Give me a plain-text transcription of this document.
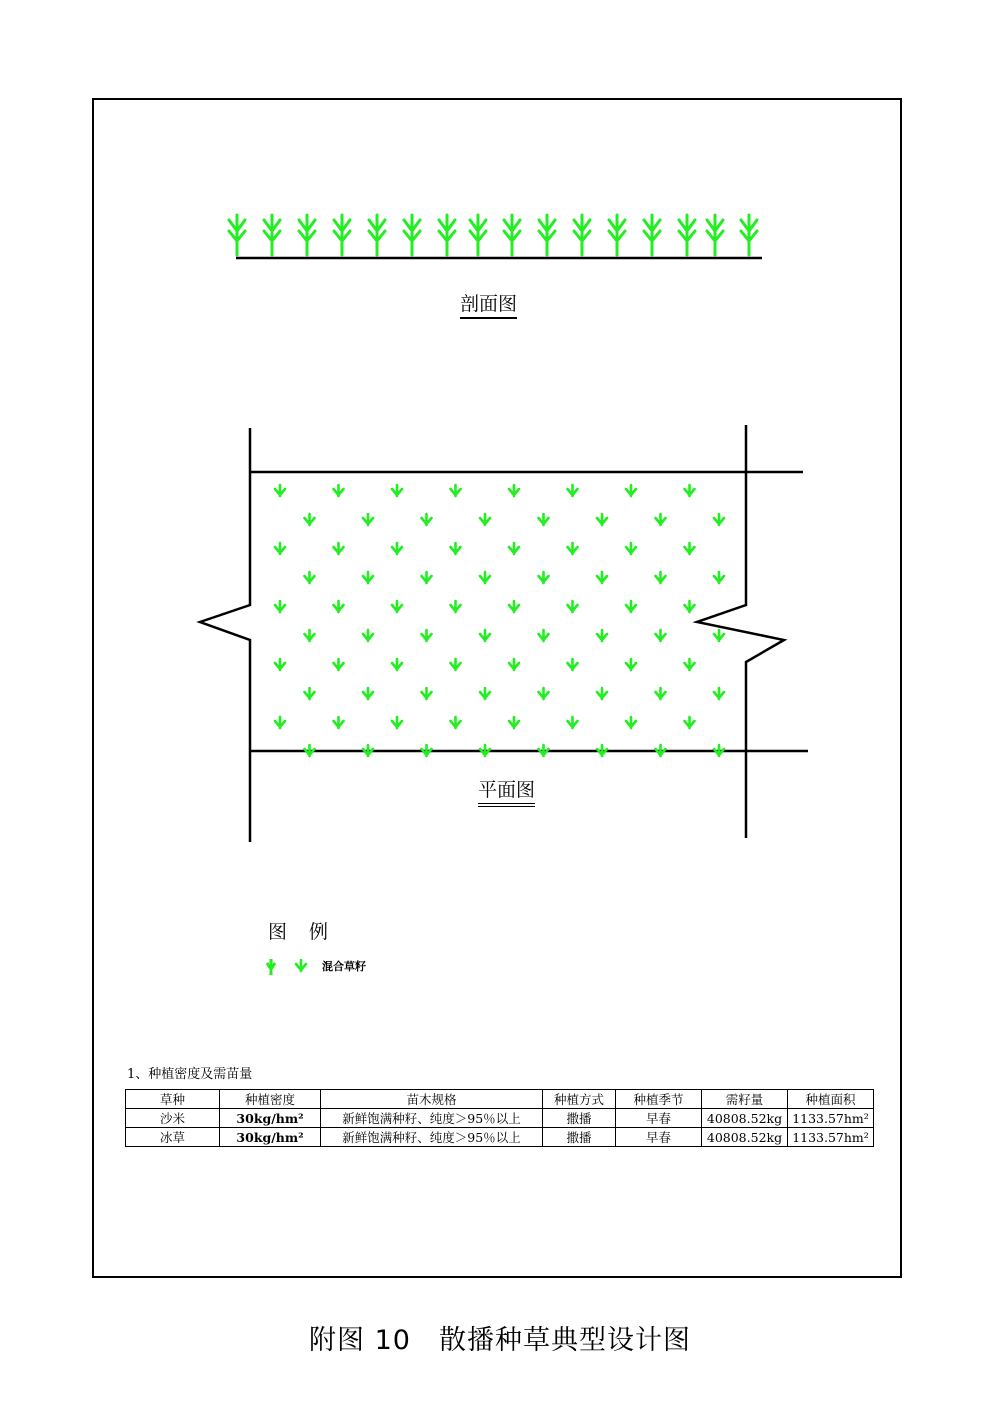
剖面图
平面图
图 例
混合草籽
1、种植密度及需苗量
草种	种植密度	苗木规格	种植方式	种植季节	需籽量	种植面积
沙米	30kg/hm²	新鲜饱满种籽、纯度＞95％以上	撒播	早春	40808.52kg	1133.57hm²
冰草	30kg/hm²	新鲜饱满种籽、纯度＞95％以上	撒播	早春	40808.52kg	1133.57hm²
附图 10　散播种草典型设计图
